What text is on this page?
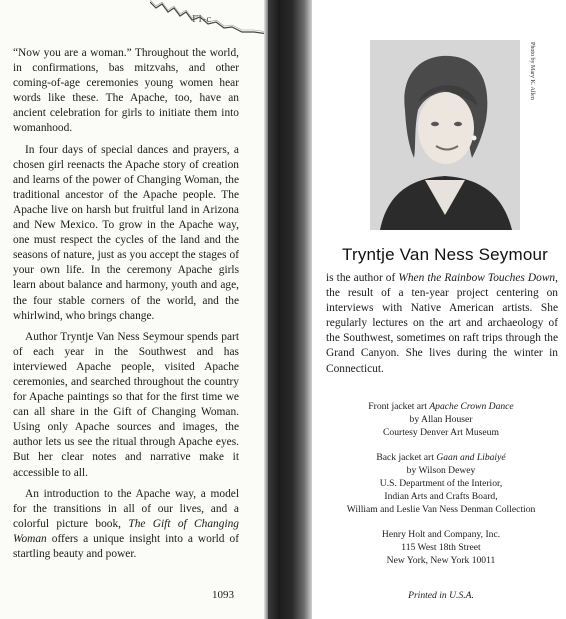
Fl-c

“Now you are a woman.” Throughout the world, in confirmations, bas mitzvahs, and other coming-of-age ceremonies young women hear words like these. The Apache, too, have an ancient celebration for girls to initiate them into womanhood.

In four days of special dances and prayers, a chosen girl reenacts the Apache story of creation and learns of the power of Changing Woman, the traditional ancestor of the Apache people. The Apache live on harsh but fruitful land in Arizona and New Mexico. To grow in the Apache way, one must respect the cycles of the land and the seasons of nature, just as you accept the stages of your own life. In the ceremony Apache girls learn about balance and harmony, youth and age, the four stable corners of the world, and the whirlwind, who brings change.

Author Tryntje Van Ness Seymour spends part of each year in the Southwest and has interviewed Apache people, visited Apache ceremonies, and searched throughout the country for Apache paintings so that for the first time we can all share in the Gift of Changing Woman. Using only Apache sources and images, the author lets us see the ritual through Apache eyes. But her clear notes and narrative make it accessible to all.

An introduction to the Apache way, a model for the transitions in all of our lives, and a colorful picture book, The Gift of Changing Woman offers a unique insight into a world of startling beauty and power.

1093
Photo by Mary K. Allen
Tryntje Van Ness Seymour
is the author of When the Rainbow Touches Down, the result of a ten-year project centering on interviews with Native American artists. She regularly lectures on the art and archaeology of the Southwest, sometimes on raft trips through the Grand Canyon. She lives during the winter in Connecticut.
Front jacket art Apache Crown Dance
by Allan Houser
Courtesy Denver Art Museum
Back jacket art Gaan and Libaiyé
by Wilson Dewey
U.S. Department of the Interior,
Indian Arts and Crafts Board,
William and Leslie Van Ness Denman Collection
Henry Holt and Company, Inc.
115 West 18th Street
New York, New York 10011
Printed in U.S.A.
